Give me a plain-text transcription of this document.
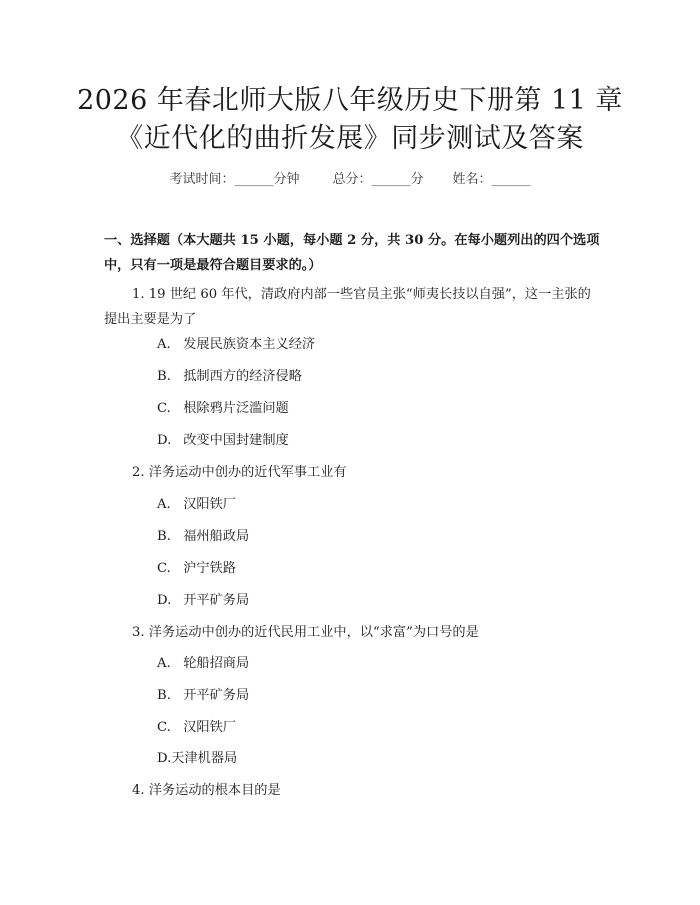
2026 年春北师大版八年级历史下册第 11 章
《近代化的曲折发展》同步测试及答案
考试时间：______分钟	总分：______分 姓名：______
一、选择题（本大题共 15 小题，每小题 2 分，共 30 分。在每小题列出的四个选项中，只有一项是最符合题目要求的。）
1. 19 世纪 60 年代，清政府内部一些官员主张“师夷长技以自强”，这一主张的提出主要是为了
A. 发展民族资本主义经济
B. 抵制西方的经济侵略
C. 根除鸦片泛滥问题
D. 改变中国封建制度
2. 洋务运动中创办的近代军事工业有
A. 汉阳铁厂
B. 福州船政局
C. 沪宁铁路
D. 开平矿务局
3. 洋务运动中创办的近代民用工业中，以“求富”为口号的是
A. 轮船招商局
B. 开平矿务局
C. 汉阳铁厂
D.天津机器局
4. 洋务运动的根本目的是
